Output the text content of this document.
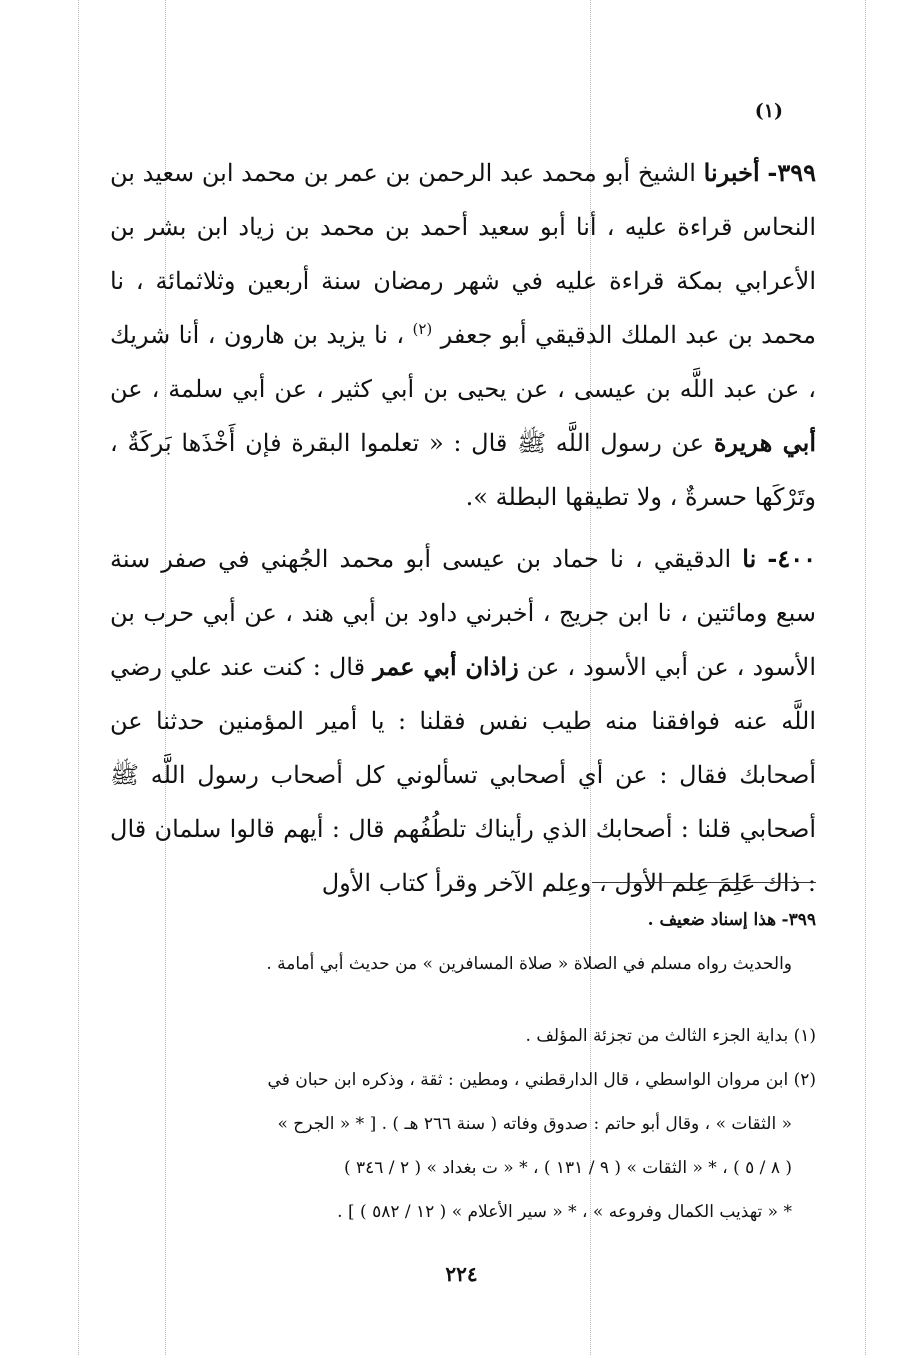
(١)

٣٩٩- أخبرنا الشيخ أبو محمد عبد الرحمن بن عمر بن محمد ابن سعيد بن النحاس قراءة عليه ، أنا أبو سعيد أحمد بن محمد بن زياد ابن بشر بن الأعرابي بمكة قراءة عليه في شهر رمضان سنة أربعين وثلاثمائة ، نا محمد بن عبد الملك الدقيقي أبو جعفر $^{(٢)}$ ، نا يزيد بن هارون ، أنا شريك ، عن عبد اللَّه بن عيسى ، عن يحيى بن أبي كثير ، عن أبي سلمة ، عن أبي هريرة عن رسول اللَّه ﷺ قال : « تعلموا البقرة فإن أَخْذَها بَركَةٌ ، وتَرْكَها حسرةٌ ، ولا تطيقها البطلة ».

٤٠٠- نا الدقيقي ، نا حماد بن عيسى أبو محمد الجُهني في صفر سنة سبع ومائتين ، نا ابن جريج ، أخبرني داود بن أبي هند ، عن أبي حرب بن الأسود ، عن أبي الأسود ، عن زاذان أبي عمر قال : كنت عند علي رضي اللَّه عنه فوافقنا منه طيب نفس فقلنا : يا أمير المؤمنين حدثنا عن أصحابك فقال : عن أي أصحابي تسألوني كل أصحاب رسول اللَّه ﷺ أصحابي قلنا : أصحابك الذي رأيناك تلطُفُهم قال : أيهم قالوا سلمان قال : ذاك عَلِمَ عِلم الأول ، وعِلم الآخر وقرأ كتاب الأول

٣٩٩- هذا إسناد ضعيف .

والحديث رواه مسلم في الصلاة « صلاة المسافرين » من حديث أبي أمامة .

(١) بداية الجزء الثالث من تجزئة المؤلف .

(٢) ابن مروان الواسطي ، قال الدارقطني ، ومطين : ثقة ، وذكره ابن حبان في

« الثقات » ، وقال أبو حاتم : صدوق وفاته ( سنة ٢٦٦ هـ ) . [ * « الجرح »

( ٨ / ٥ ) ، * « الثقات » ( ٩ / ١٣١ ) ، * « ت بغداد » ( ٢ / ٣٤٦ )

* « تهذيب الكمال وفروعه » ، * « سير الأعلام » ( ١٢ / ٥٨٢ ) ] .

٢٢٤
